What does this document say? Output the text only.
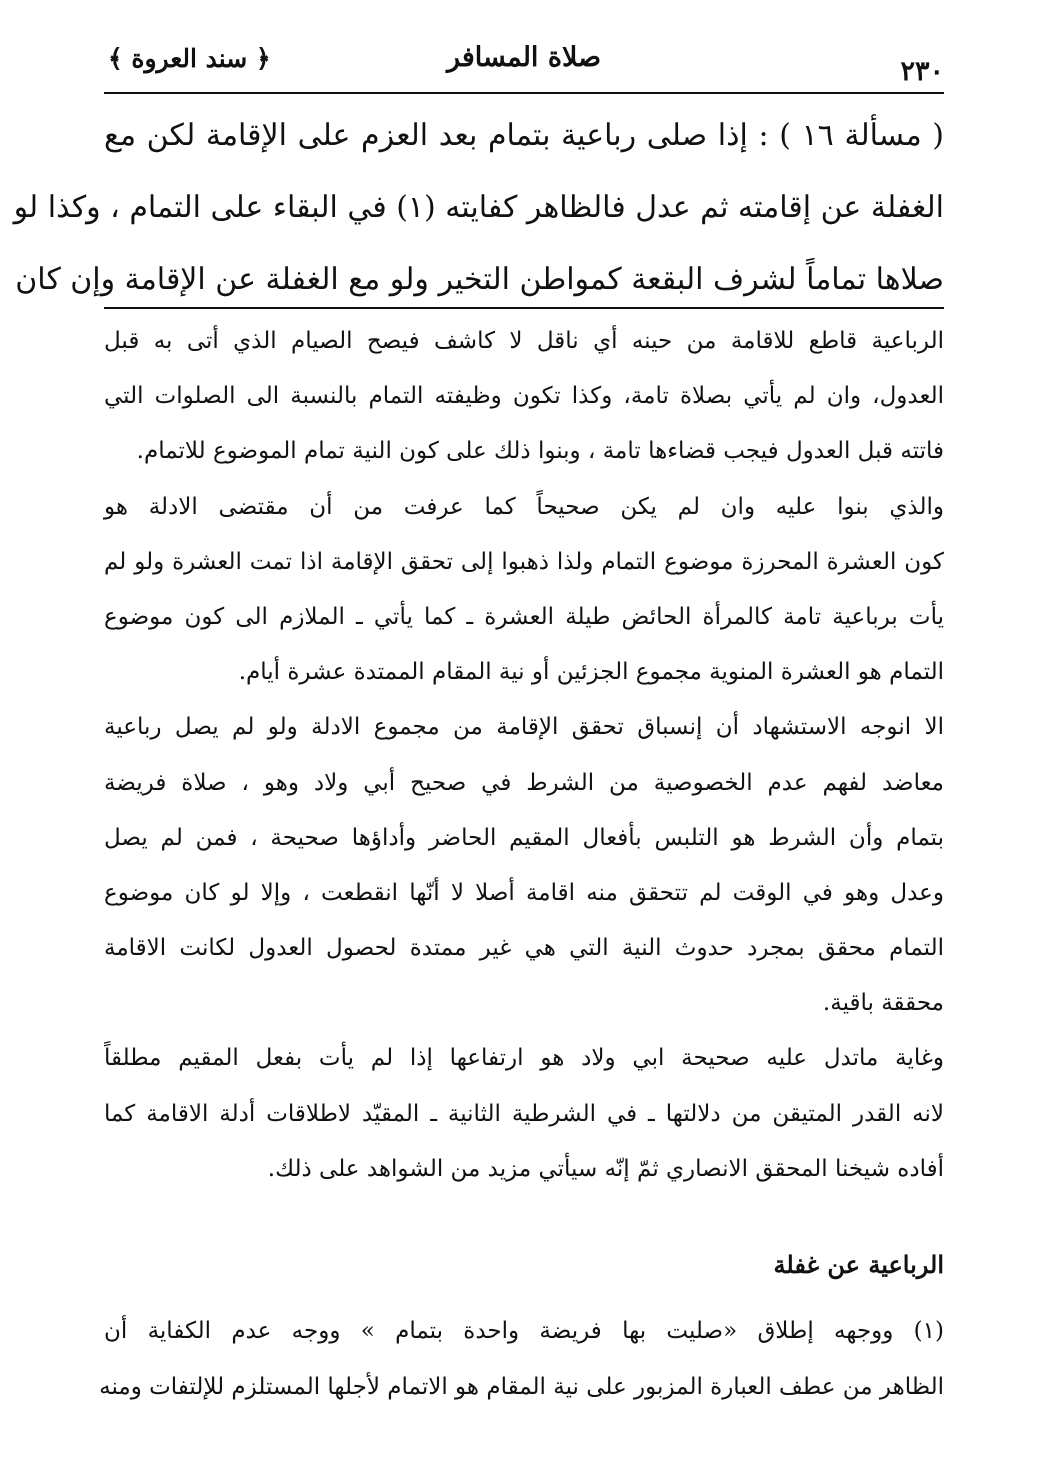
٢٣٠
صلاة المسافر
﴿ سند العروة ﴾
( مسألة ١٦ ) : إذا صلى رباعية بتمام بعد العزم على الإقامة لكن مع
الغفلة عن إقامته ثم عدل فالظاهر كفايته (١) في البقاء على التمام ، وكذا لو
صلاها تماماً لشرف البقعة كمواطن التخير ولو مع الغفلة عن الإقامة وإن كان
الرباعية قاطع للاقامة من حينه أي ناقل لا كاشف فيصح الصيام الذي أتى به قبل
العدول، وان لم يأتي بصلاة تامة، وكذا تكون وظيفته التمام بالنسبة الى الصلوات التي
فاتته قبل العدول فيجب قضاءها تامة ، وبنوا ذلك على كون النية تمام الموضوع للاتمام.
والذي بنوا عليه وان لم يكن صحيحاً كما عرفت من أن مقتضى الادلة هو
كون العشرة المحرزة موضوع التمام ولذا ذهبوا إلى تحقق الإقامة اذا تمت العشرة ولو لم
يأت برباعية تامة كالمرأة الحائض طيلة العشرة ـ كما يأتي ـ الملازم الى كون موضوع
التمام هو العشرة المنوية مجموع الجزئين أو نية المقام الممتدة عشرة أيام.
الا انوجه الاستشهاد أن إنسباق تحقق الإقامة من مجموع الادلة ولو لم يصل رباعية
معاضد لفهم عدم الخصوصية من الشرط في صحيح أبي ولاد وهو ، صلاة فريضة
بتمام وأن الشرط هو التلبس بأفعال المقيم الحاضر وأداؤها صحيحة ، فمن لم يصل
وعدل وهو في الوقت لم تتحقق منه اقامة أصلا لا أنّها انقطعت ، وإلا لو كان موضوع
التمام محقق بمجرد حدوث النية التي هي غير ممتدة لحصول العدول لكانت الاقامة
محققة باقية.
وغاية ماتدل عليه صحيحة ابي ولاد هو ارتفاعها إذا لم يأت بفعل المقيم مطلقاً
لانه القدر المتيقن من دلالتها ـ في الشرطية الثانية ـ المقيّد لاطلاقات أدلة الاقامة كما
أفاده شيخنا المحقق الانصاري ثمّ إنّه سيأتي مزيد من الشواهد على ذلك.
الرباعية عن غفلة
(١) ووجهه إطلاق «صليت بها فريضة واحدة بتمام » ووجه عدم الكفاية أن
الظاهر من عطف العبارة المزبور على نية المقام هو الاتمام لأجلها المستلزم للإلتفات ومنه
